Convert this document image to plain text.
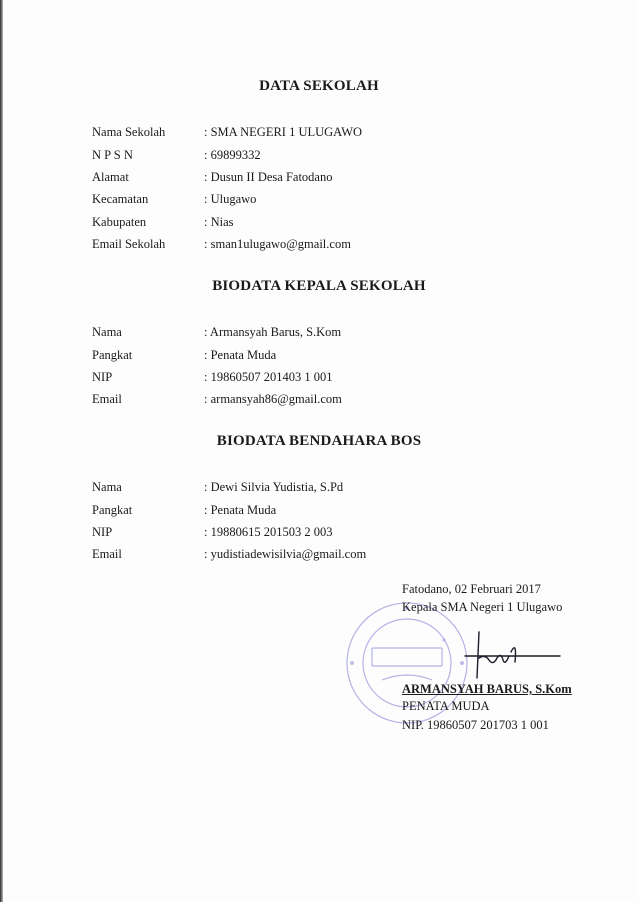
DATA SEKOLAH
Nama Sekolah	: SMA NEGERI 1 ULUGAWO
N P S N	: 69899332
Alamat	: Dusun II Desa Fatodano
Kecamatan	: Ulugawo
Kabupaten	: Nias
Email Sekolah	: sman1ulugawo@gmail.com
BIODATA KEPALA SEKOLAH
Nama	: Armansyah Barus, S.Kom
Pangkat	: Penata Muda
NIP	: 19860507 201403 1 001
Email	: armansyah86@gmail.com
BIODATA BENDAHARA BOS
Nama	: Dewi Silvia Yudistia, S.Pd
Pangkat	: Penata Muda
NIP	: 19880615 201503 2 003
Email	: yudistiadewisilvia@gmail.com
Fatodano, 02 Februari 2017
Kepala SMA Negeri 1 Ulugawo
ARMANSYAH BARUS, S.Kom
PENATA MUDA
NIP. 19860507 201703 1 001
